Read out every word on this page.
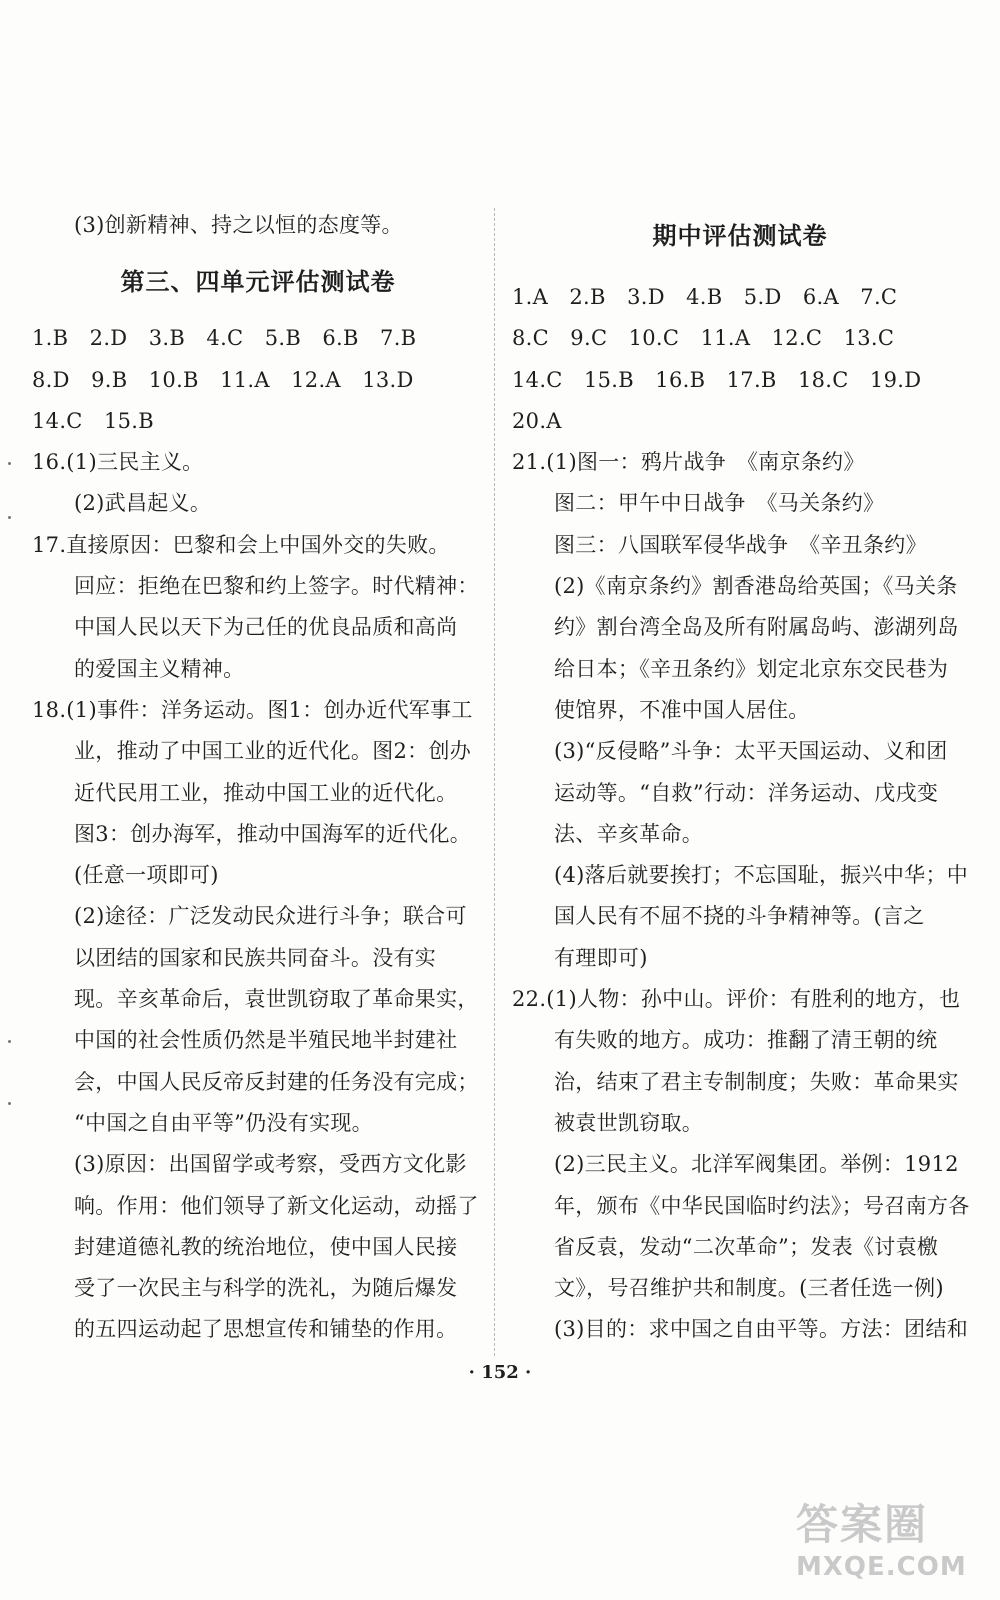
(3)创新精神、持之以恒的态度等。
第三、四单元评估测试卷
1.B　2.D　3.B　4.C　5.B　6.B　7.B
8.D　9.B　10.B　11.A　12.A　13.D
14.C　15.B
16.(1)三民主义。
(2)武昌起义。
17.直接原因：巴黎和会上中国外交的失败。
回应：拒绝在巴黎和约上签字。时代精神：
中国人民以天下为己任的优良品质和高尚
的爱国主义精神。
18.(1)事件：洋务运动。图1：创办近代军事工
业，推动了中国工业的近代化。图2：创办
近代民用工业，推动中国工业的近代化。
图3：创办海军，推动中国海军的近代化。
(任意一项即可)
(2)途径：广泛发动民众进行斗争；联合可
以团结的国家和民族共同奋斗。没有实
现。辛亥革命后，袁世凯窃取了革命果实，
中国的社会性质仍然是半殖民地半封建社
会，中国人民反帝反封建的任务没有完成；
“中国之自由平等”仍没有实现。
(3)原因：出国留学或考察，受西方文化影
响。作用：他们领导了新文化运动，动摇了
封建道德礼教的统治地位，使中国人民接
受了一次民主与科学的洗礼，为随后爆发
的五四运动起了思想宣传和铺垫的作用。
期中评估测试卷
1.A　2.B　3.D　4.B　5.D　6.A　7.C
8.C　9.C　10.C　11.A　12.C　13.C
14.C　15.B　16.B　17.B　18.C　19.D
20.A
21.(1)图一：鸦片战争　《南京条约》
图二：甲午中日战争　《马关条约》
图三：八国联军侵华战争　《辛丑条约》
(2)《南京条约》割香港岛给英国；《马关条
约》割台湾全岛及所有附属岛屿、澎湖列岛
给日本；《辛丑条约》划定北京东交民巷为
使馆界，不准中国人居住。
(3)“反侵略”斗争：太平天国运动、义和团
运动等。“自救”行动：洋务运动、戊戌变
法、辛亥革命。
(4)落后就要挨打；不忘国耻，振兴中华；中
国人民有不屈不挠的斗争精神等。(言之
有理即可)
22.(1)人物：孙中山。评价：有胜利的地方，也
有失败的地方。成功：推翻了清王朝的统
治，结束了君主专制制度；失败：革命果实
被袁世凯窃取。
(2)三民主义。北洋军阀集团。举例：1912
年，颁布《中华民国临时约法》；号召南方各
省反袁，发动“二次革命”；发表《讨袁檄
文》，号召维护共和制度。(三者任选一例)
(3)目的：求中国之自由平等。方法：团结和
· 152 ·
答案圈
MXQE.COM
